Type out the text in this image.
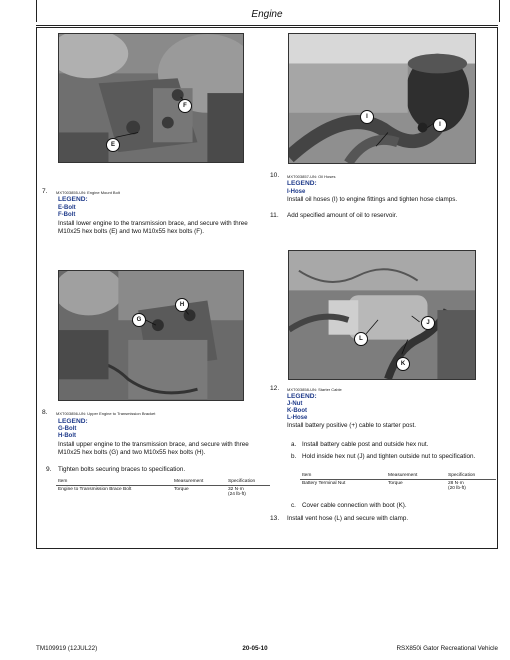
Engine
E
F
MXT003855-UN: Engine Mount Bolt
7.
LEGEND:
E-Bolt
F-Bolt
Install lower engine to the transmission brace, and secure with three M10x25 hex bolts (E) and two M10x55 hex bolts (F).
I
I
10. MXT003857-UN: Oil Hoses
LEGEND:
I-Hose
Install oil hoses (I) to engine fittings and tighten hose clamps.
11. Add specified amount of oil to reservoir.
G
H
8. MXT003856-UN: Upper Engine to Transmission Bracket
LEGEND:
G-Bolt
H-Bolt
Install upper engine to the transmission brace, and secure with three M10x25 hex bolts (G) and two M10x55 hex bolts (H).
9. Tighten bolts securing braces to specification.
Item	Measurement	Specification
Engine to Transmission Brace Bolt	Torque	32 N·m
(24 lb-ft)
J
L
K
12. MXT003858-UN: Starter Cable
LEGEND:
J-Nut
K-Boot
L-Hose
Install battery positive (+) cable to starter post.
a. Install battery cable post and outside hex nut.
b. Hold inside hex nut (J) and tighten outside nut to specification.
Item	Measurement	Specification
Battery Terminal Nut	Torque	28 N·m
(20 lb-ft)
c. Cover cable connection with boot (K).
13. Install vent hose (L) and secure with clamp.
TM109919 (12JUL22)	20-05-10	RSX850i Gator Recreational Vehicle
